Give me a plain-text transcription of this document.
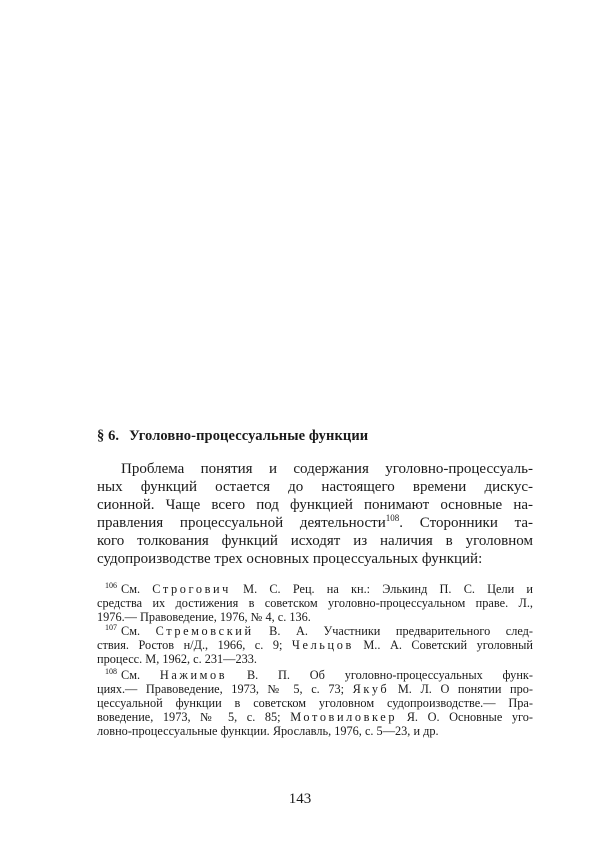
§ 6. Уголовно-процессуальные функции
Проблема понятия и содержания уголовно-процессуаль-
ных функций остается до настоящего времени дискус-
сионной. Чаще всего под функцией понимают основные на-
правления процессуальной деятельности$^{108}$. Сторонники та-
кого толкования функций исходят из наличия в уголовном
судопроизводстве трех основных процессуальных функций:
$^{106}$ См. Строгович М. С. Рец. на кн.: Элькинд П. С. Цели и
средства их достижения в советском уголовно-процессуальном праве. Л.,
1976.— Правоведение, 1976, № 4, с. 136.
$^{107}$ См. Стремовский В. А. Участники предварительного след-
ствия. Ростов н/Д., 1966, с. 9; Чельцов М.. А. Советский уголовный
процесс. М, 1962, с. 231—233.
$^{108}$ См. Нажимов В. П. Об уголовно-процессуальных функ-
циях.— Правоведение, 1973, № 5, с. 73; Якуб М. Л. О понятии про-
цессуальной функции в советском уголовном судопроизводстве.— Пра-
воведение, 1973, № 5, с. 85; Мотовиловкер Я. О. Основные уго-
ловно-процессуальные функции. Ярославль, 1976, с. 5—23, и др.
143
